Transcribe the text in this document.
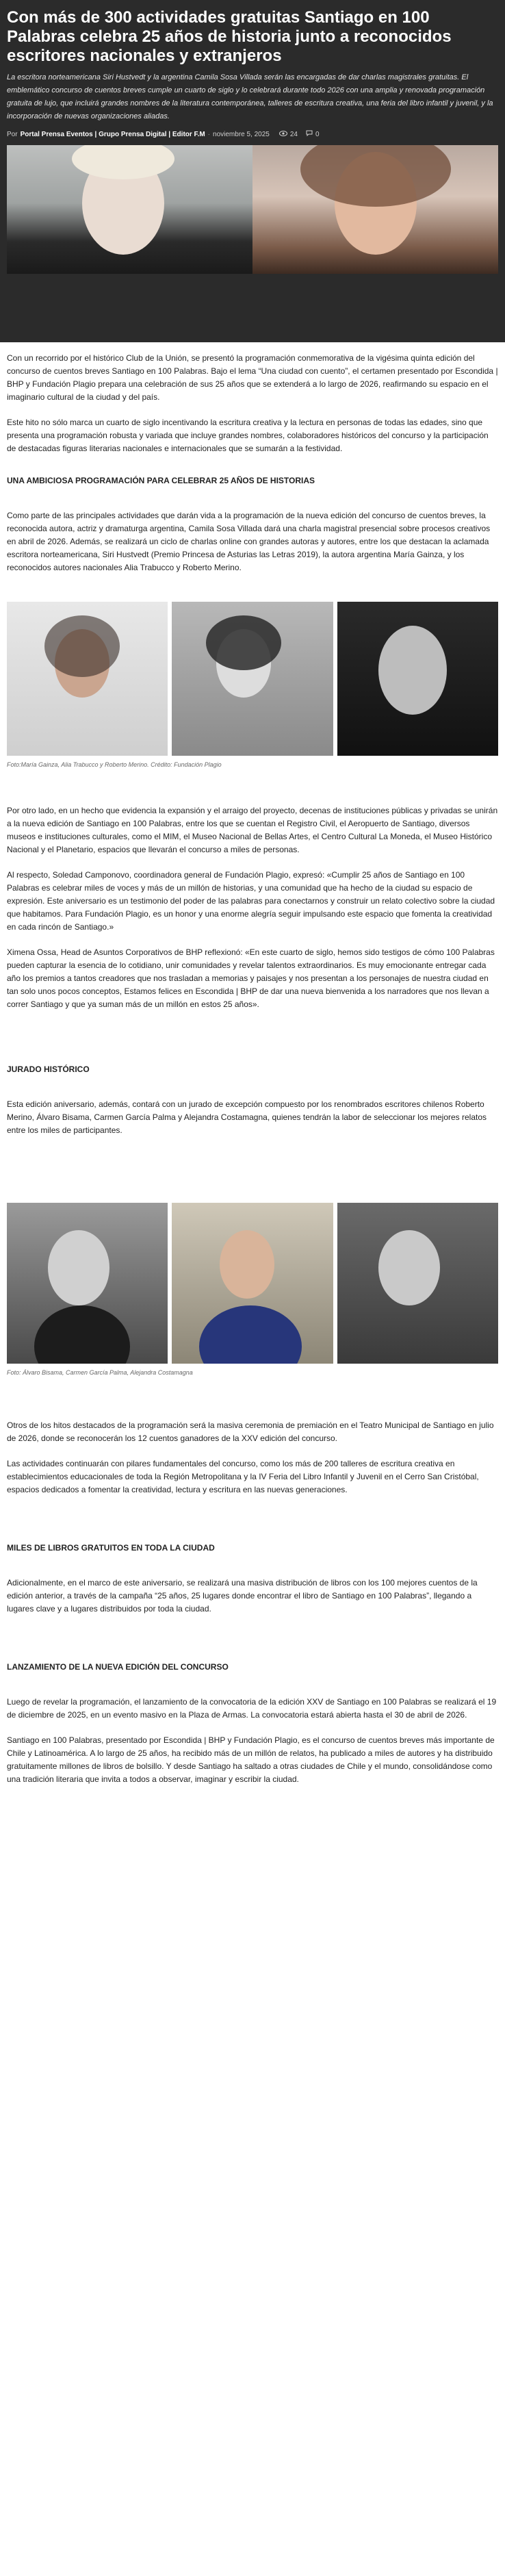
Con más de 300 actividades gratuitas Santiago en 100 Palabras celebra 25 años de historia junto a reconocidos escritores nacionales y extranjeros

La escritora norteamericana Siri Hustvedt y la argentina Camila Sosa Villada serán las encargadas de dar charlas magistrales gratuitas. El emblemático concurso de cuentos breves cumple un cuarto de siglo y lo celebrará durante todo 2026 con una amplia y renovada programación gratuita de lujo, que incluirá grandes nombres de la literatura contemporánea, talleres de escritura creativa, una feria del libro infantil y juvenil, y la incorporación de nuevas organizaciones aliadas.

Por Portal Prensa Eventos | Grupo Prensa Digital | Editor F.M · noviembre 5, 2025	24	0

Con un recorrido por el histórico Club de la Unión, se presentó la programación conmemorativa de la vigésima quinta edición del concurso de cuentos breves Santiago en 100 Palabras. Bajo el lema “Una ciudad con cuento”, el certamen presentado por Escondida | BHP y Fundación Plagio prepara una celebración de sus 25 años que se extenderá a lo largo de 2026, reafirmando su espacio en el imaginario cultural de la ciudad y del país.

Este hito no sólo marca un cuarto de siglo incentivando la escritura creativa y la lectura en personas de todas las edades, sino que presenta una programación robusta y variada que incluye grandes nombres, colaboradores históricos del concurso y la participación de destacadas figuras literarias nacionales e internacionales que se sumarán a la festividad.

UNA AMBICIOSA PROGRAMACIÓN PARA CELEBRAR 25 AÑOS DE HISTORIAS

Como parte de las principales actividades que darán vida a la programación de la nueva edición del concurso de cuentos breves, la reconocida autora, actriz y dramaturga argentina, Camila Sosa Villada dará una charla magistral presencial sobre procesos creativos en abril de 2026. Además, se realizará un ciclo de charlas online con grandes autoras y autores, entre los que destacan la aclamada escritora norteamericana, Siri Hustvedt (Premio Princesa de Asturias las Letras 2019), la autora argentina María Gainza, y los reconocidos autores nacionales Alia Trabucco y Roberto Merino.

Foto:María Gainza, Alia Trabucco y Roberto Merino. Crédito: Fundación Plagio

Por otro lado, en un hecho que evidencia la expansión y el arraigo del proyecto, decenas de instituciones públicas y privadas se unirán a la nueva edición de Santiago en 100 Palabras, entre los que se cuentan el Registro Civil, el Aeropuerto de Santiago, diversos museos e instituciones culturales, como el MIM, el Museo Nacional de Bellas Artes, el Centro Cultural La Moneda, el Museo Histórico Nacional y el Planetario, espacios que llevarán el concurso a miles de personas.

Al respecto, Soledad Camponovo, coordinadora general de Fundación Plagio, expresó: «Cumplir 25 años de Santiago en 100 Palabras es celebrar miles de voces y más de un millón de historias, y una comunidad que ha hecho de la ciudad su espacio de expresión. Este aniversario es un testimonio del poder de las palabras para conectarnos y construir un relato colectivo sobre la ciudad que habitamos. Para Fundación Plagio, es un honor y una enorme alegría seguir impulsando este espacio que fomenta la creatividad en cada rincón de Santiago.»

Ximena Ossa, Head de Asuntos Corporativos de BHP reflexionó: «En este cuarto de siglo, hemos sido testigos de cómo 100 Palabras pueden capturar la esencia de lo cotidiano, unir comunidades y revelar talentos extraordinarios. Es muy emocionante entregar cada año los premios a tantos creadores que nos trasladan a memorias y paisajes y nos presentan a los personajes de nuestra ciudad en tan solo unos pocos conceptos, Estamos felices en Escondida | BHP de dar una nueva bienvenida a los narradores que nos llevan a correr Santiago y que ya suman más de un millón en estos 25 años».

JURADO HISTÓRICO

Esta edición aniversario, además, contará con un jurado de excepción compuesto por los renombrados escritores chilenos Roberto Merino, Álvaro Bisama, Carmen García Palma y Alejandra Costamagna, quienes tendrán la labor de seleccionar los mejores relatos entre los miles de participantes.

Foto: Álvaro Bisama, Carmen García Palma, Alejandra Costamagna

Otros de los hitos destacados de la programación será la masiva ceremonia de premiación en el Teatro Municipal de Santiago en julio de 2026, donde se reconocerán los 12 cuentos ganadores de la XXV edición del concurso.

Las actividades continuarán con pilares fundamentales del concurso, como los más de 200 talleres de escritura creativa en establecimientos educacionales de toda la Región Metropolitana y la IV Feria del Libro Infantil y Juvenil en el Cerro San Cristóbal, espacios dedicados a fomentar la creatividad, lectura y escritura en las nuevas generaciones.

MILES DE LIBROS GRATUITOS EN TODA LA CIUDAD

Adicionalmente, en el marco de este aniversario, se realizará una masiva distribución de libros con los 100 mejores cuentos de la edición anterior, a través de la campaña “25 años, 25 lugares donde encontrar el libro de Santiago en 100 Palabras”, llegando a lugares clave y a lugares distribuidos por toda la ciudad.

LANZAMIENTO DE LA NUEVA EDICIÓN DEL CONCURSO

Luego de revelar la programación, el lanzamiento de la convocatoria de la edición XXV de Santiago en 100 Palabras se realizará el 19 de diciembre de 2025, en un evento masivo en la Plaza de Armas. La convocatoria estará abierta hasta el 30 de abril de 2026.

Santiago en 100 Palabras, presentado por Escondida | BHP y Fundación Plagio, es el concurso de cuentos breves más importante de Chile y Latinoamérica. A lo largo de 25 años, ha recibido más de un millón de relatos, ha publicado a miles de autores y ha distribuido gratuitamente millones de libros de bolsillo. Y desde Santiago ha saltado a otras ciudades de Chile y el mundo, consolidándose como una tradición literaria que invita a todos a observar, imaginar y escribir la ciudad.
